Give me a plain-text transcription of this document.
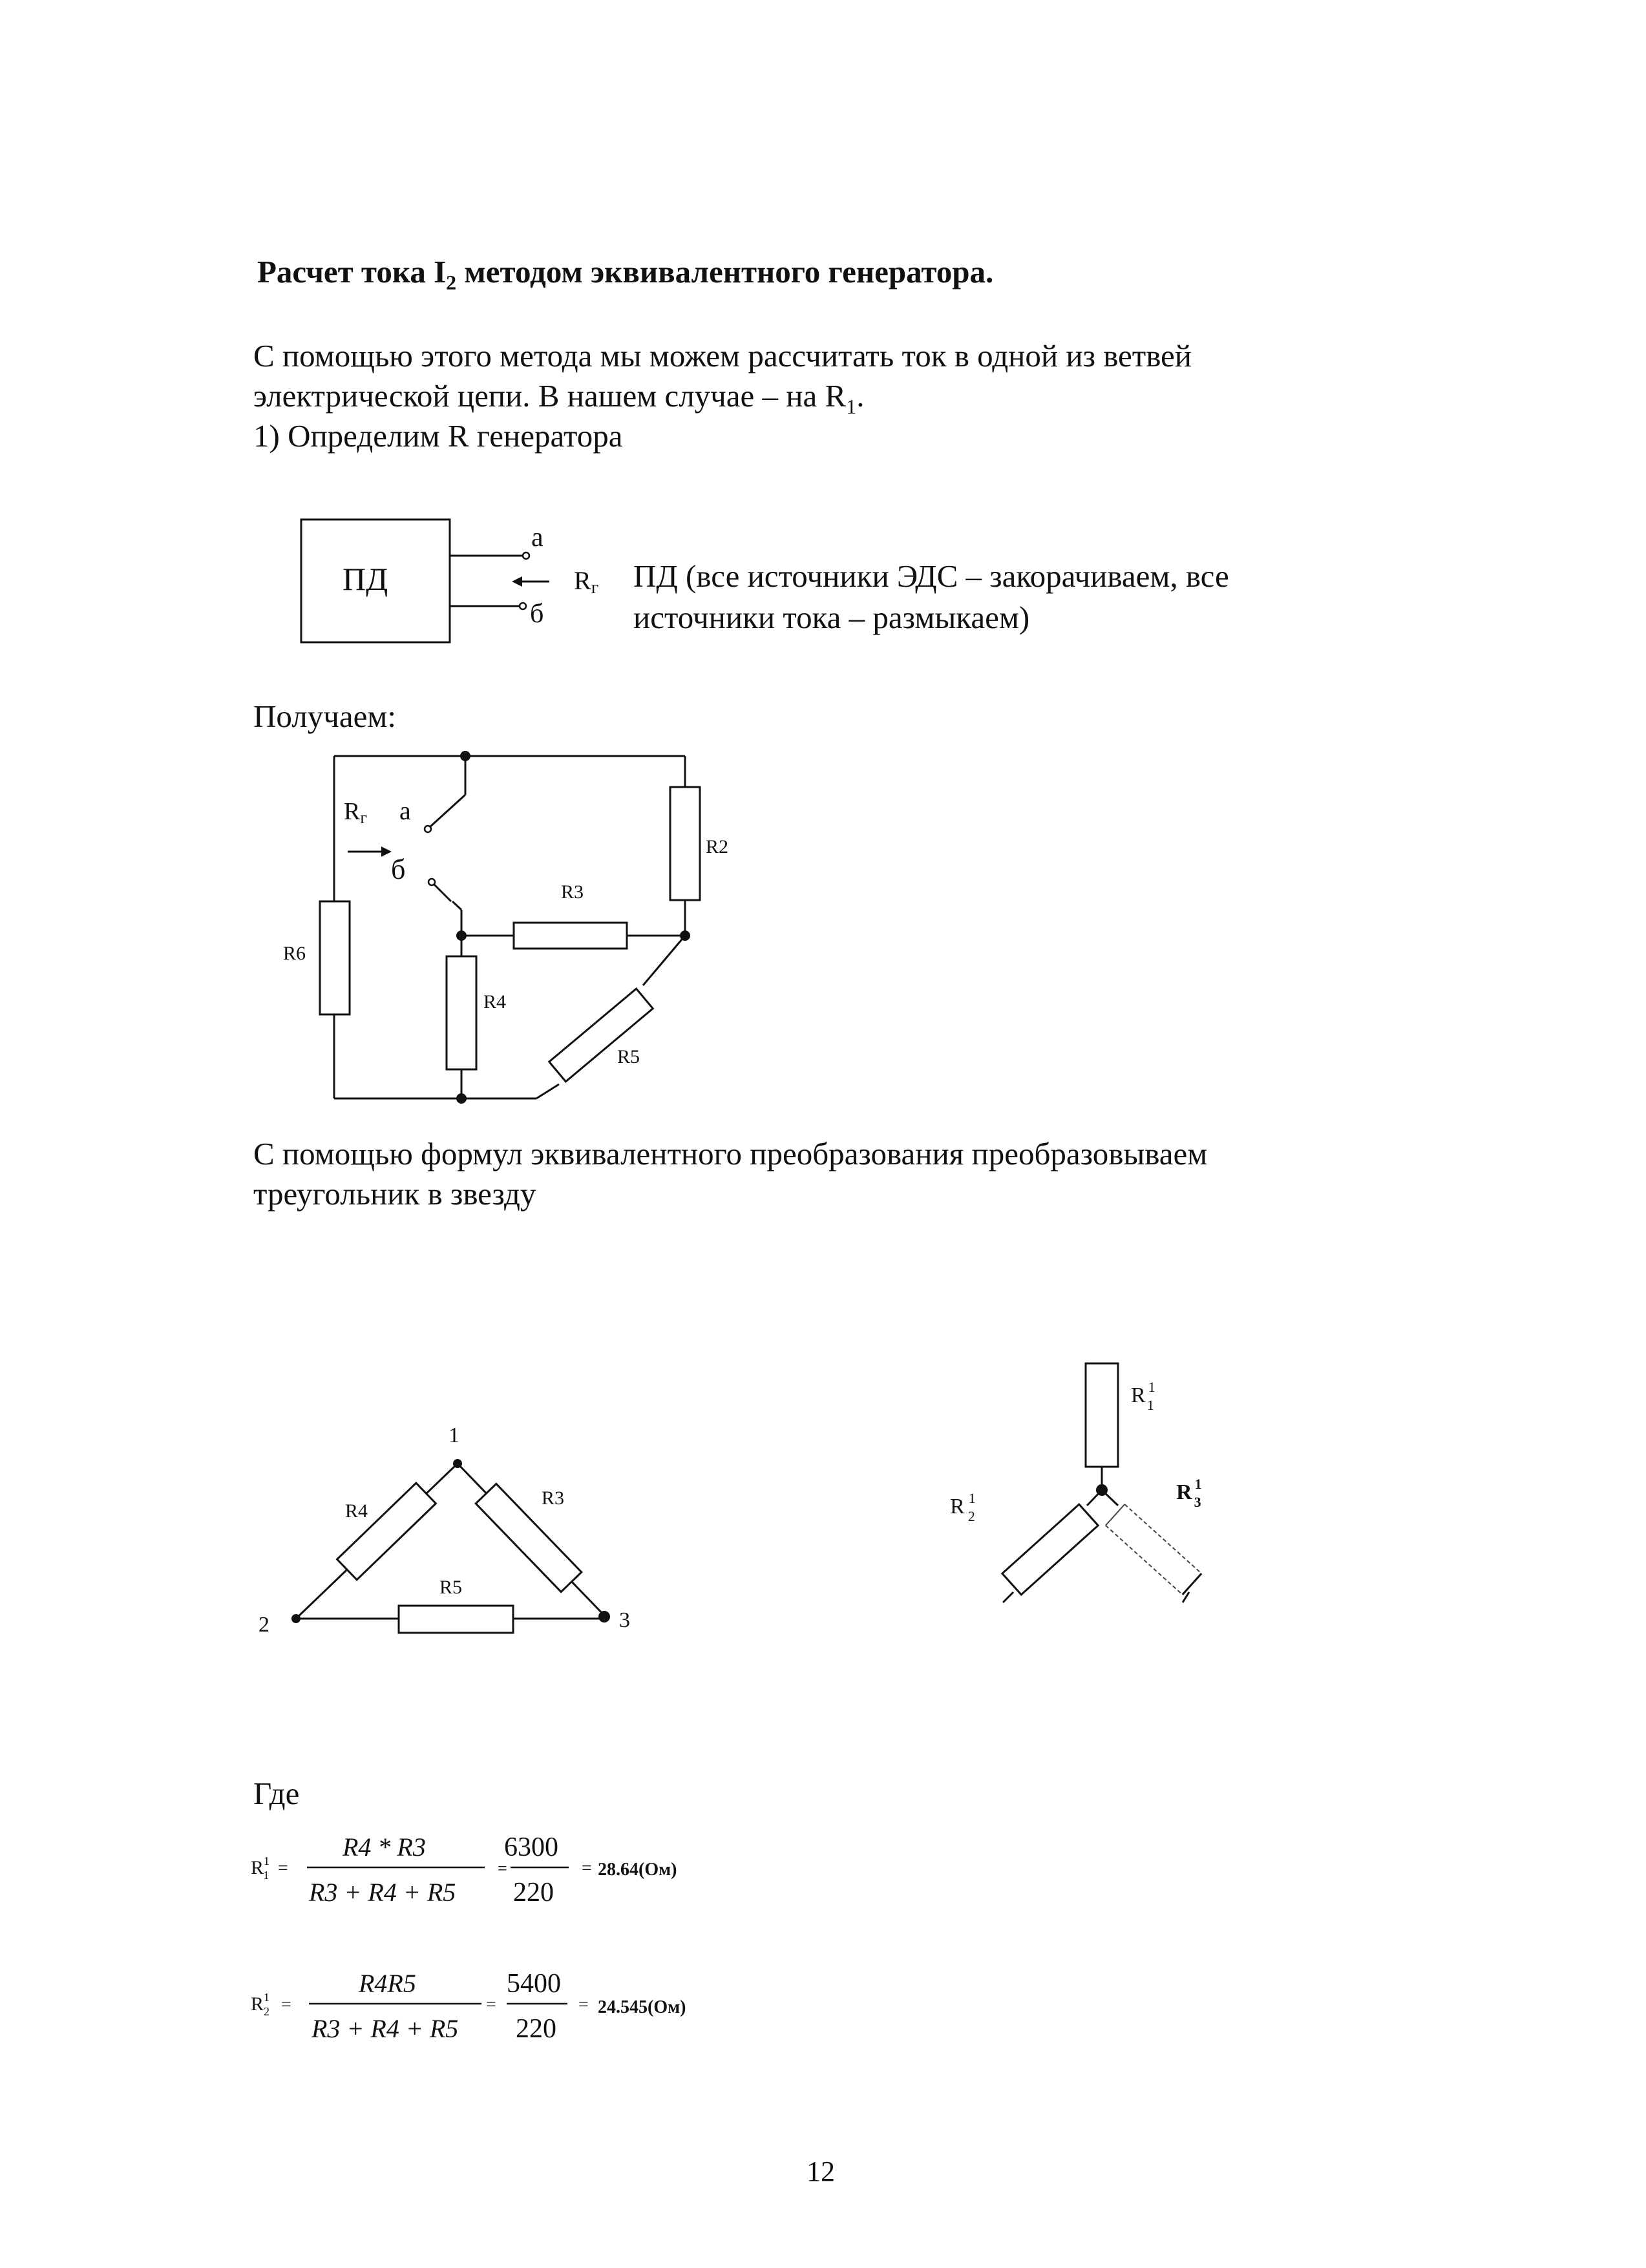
Расчет тока $I_2$ методом эквивалентного генератора.
С помощью этого метода мы можем рассчитать ток в одной из ветвей
электрической цепи. В нашем случае – на $R_1$.
1) Определим R генератора
ПД
a
б
Rг ПД (все источники ЭДС – закорачиваем, все
источники тока – размыкаем)
Получаем:
Rг a
б
R2
R3
R4
R5
R6
С помощью формул эквивалентного преобразования преобразовываем
треугольник в звезду
1
2	3
R4
R3
R5
R $^1$ 1
R $^1$ 2
R $^1$ 3
Где
$R^1$ 1 =
R4 * R3
R3 + R4 + R5
=
6300
220
= 28.64(Ом)
$R^1$ 2 =
R4R5
R3 + R4 + R5
=
5400
220
= 24.545(Ом)
12
